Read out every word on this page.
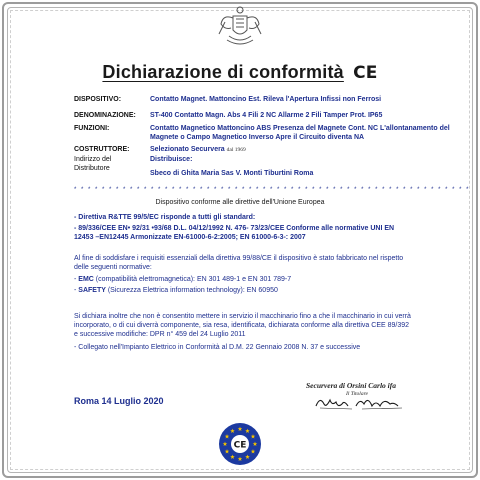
Dichiarazione di conformità CE
DISPOSITIVO:	Contatto Magnet. Mattoncino Est. Rileva l'Apertura Infissi non Ferrosi
DENOMINAZIONE: ST-400 Contatto Magn. Abs 4 Fili 2 NC Allarme 2 Fili Tamper Prot. IP65
FUNZIONI:	Contatto Magnetico Mattoncino ABS Presenza del Magnete Cont. NC L'allontanamento del Magnete o Campo Magnetico Inverso Apre il Circuito diventa NA
COSTRUTTORE:	Selezionato Securvera dal 1969
Indirizzo del Distributore
Distribuisce:
Sbeco di Ghita Maria Sas V. Monti Tiburtini Roma
* * * * * * * * * * * * * * * * * * * * * * * * * * * * * * * * * * * * * * * * * * * * * * * * * * * * * * * * *
Dispositivo conforme alle direttive dell'Unione Europea
- Direttiva R&TTE 99/5/EC risponde a tutti gli standard:
- 89/336/CEE EN• 92/31 •93/68 D.L. 04/12/1992 N. 476- 73/23/CEE Conforme alle normative UNI EN 12453 –EN12445 Armonizzate EN-61000-6-2:2005; EN 61000-6-3-: 2007
Al fine di soddisfare i requisiti essenziali della direttiva 99/88/CE il dispositivo è stato fabbricato nel rispetto delle seguenti normative:
- EMC (compatibilità elettromagnetica): EN 301 489-1 e EN 301 789-7
- SAFETY (Sicurezza Elettrica information technology): EN 60950
Si dichiara inoltre che non è consentito mettere in servizio il macchinario fino a che il macchinario in cui verrà incorporato, o di cui diverrà componente, sia resa, identificata, dichiarata conforme alla direttiva CEE 89/392 e successive modifiche: DPR n° 459 del 24 Luglio 2011
- Collegato nell'Impianto Elettrico in Conformità al D.M. 22 Gennaio 2008 N. 37 e successive
Roma 14 Luglio 2020
Securvera di Orsini Carlo ifa
Il Titolare
CE
